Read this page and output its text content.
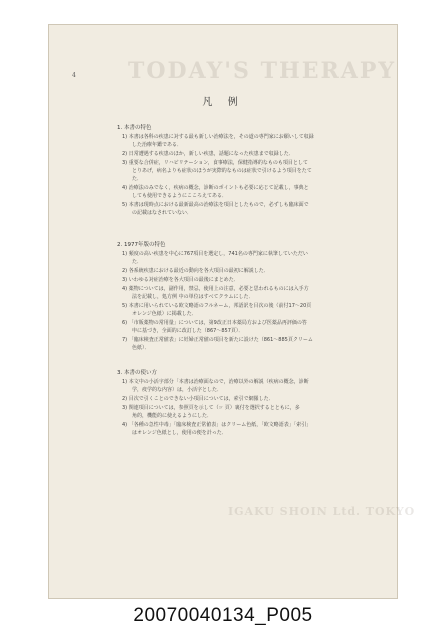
TODAY'S THERAPY
IGAKU SHOIN Ltd. TOKYO
4
凡 例
1. 本書の特色
1) 本書は各科の疾患に対する最も新しい治療法を，その道の専門家にお願いして収録
した治療年鑑である．
2) 日常遭遇する疾患のほか，新しい疾患，話題になった疾患まで収録した．
3) 重要な合併症，リハビリテーション，食事療法，保健指導的なものも項目として
とりあげ，病名よりも症状のほうが実際的なものは症状で引けるよう項目をたて
た．
4) 治療法のみでなく，疾病の概念，診断のポイントも必要に応じて記載し，事典と
しても使用できるようにこころえてある．
5) 本書は現時点における最新最高の治療法を項目としたもので，必ずしも臨床面で
の記載はなされていない．
2. 1977年版の特色
1) 頻度の高い疾患を中心に767項目を選定し，741名の専門家に執筆していただい
た．
2) 各系統疾患における最近の動向を各大項目の最初に解説した．
3) いわゆる対症治療を各大項目の最後にまとめた．
4) 薬物については，副作用，禁忌，使用上の注意，必要と思われるものには入手方
法を記載し，処方例 中の単位はすべてクラムにした．
5) 本書に用いられている欧文略語のフルネーム，邦語訳を目次の後（前付17〜20頁
オレンジ色紙）に掲載した．
6) 「市販薬物の常用量」については，第9改正日本薬局方および医薬品再評価の答
申に基づき，全面的に改訂した（867〜857頁）．
7) 「臨床検査正常値表」に妊婦正常値の項目を新たに設けた（861〜885頁クリーム
色紙）．
3. 本書の使い方
1) 本文中の小活字部分「本書は治療面なので，治療以外の解説（疾病の概念，診断
学，疫学的な内容）は，小活字とした．
2) 目次で引くことのできない小項目については，索引で網羅した．
3) 関連項目については，参照頁を示して（☞ 頁）裏付を選択するとともに，多
角的，機能的に使えるようにした．
4) 「各種の急性中毒」「臨床検査正常値表」はクリーム色紙，「欧文略語表」「索引」
はオレンジ色紙とし，使用の便を計った．
20070040134_P005
